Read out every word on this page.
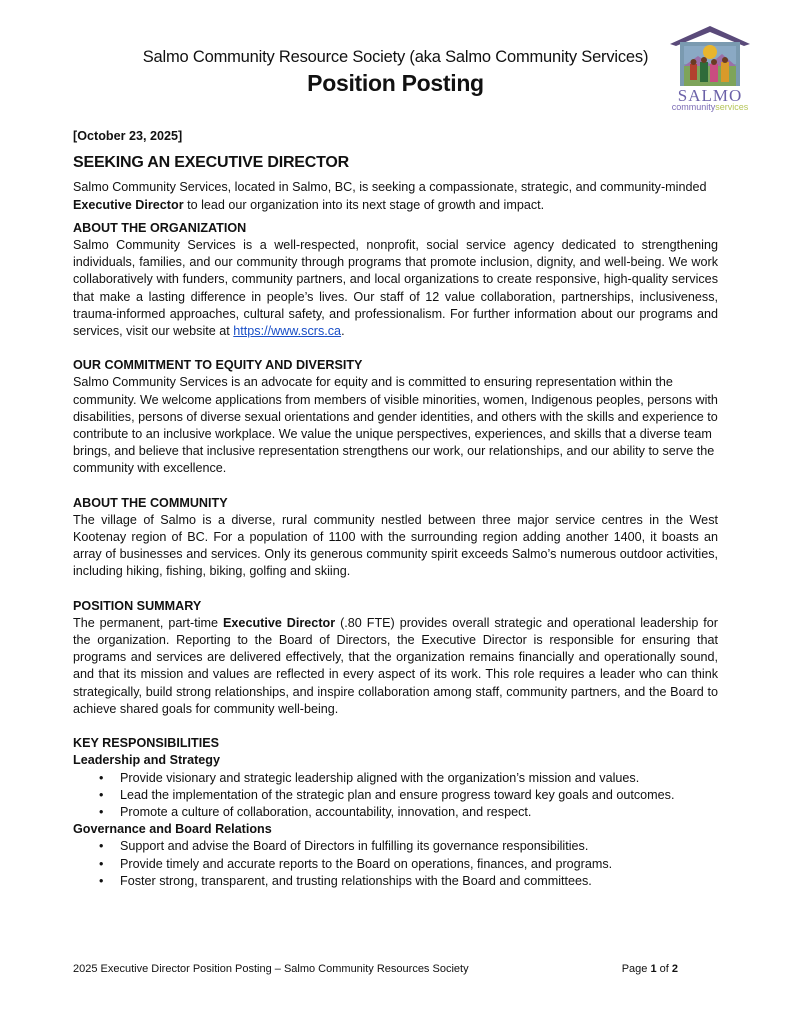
Salmo Community Resource Society (aka Salmo Community Services)
Position Posting	SALMO
communityservices

[October 23, 2025]

SEEKING AN EXECUTIVE DIRECTOR

Salmo Community Services, located in Salmo, BC, is seeking a compassionate, strategic, and community-minded Executive Director to lead our organization into its next stage of growth and impact.

ABOUT THE ORGANIZATION

Salmo Community Services is a well-respected, nonprofit, social service agency dedicated to strengthening individuals, families, and our community through programs that promote inclusion, dignity, and well-being. We work collaboratively with funders, community partners, and local organizations to create responsive, high-quality services that make a lasting difference in people’s lives. Our staff of 12 value collaboration, partnerships, inclusiveness, trauma-informed approaches, cultural safety, and professionalism. For further information about our programs and services, visit our website at https://www.scrs.ca.

OUR COMMITMENT TO EQUITY AND DIVERSITY

Salmo Community Services is an advocate for equity and is committed to ensuring representation within the community. We welcome applications from members of visible minorities, women, Indigenous peoples, persons with disabilities, persons of diverse sexual orientations and gender identities, and others with the skills and experience to contribute to an inclusive workplace. We value the unique perspectives, experiences, and skills that a diverse team brings, and believe that inclusive representation strengthens our work, our relationships, and our ability to serve the community with excellence.

ABOUT THE COMMUNITY

The village of Salmo is a diverse, rural community nestled between three major service centres in the West Kootenay region of BC. For a population of 1100 with the surrounding region adding another 1400, it boasts an array of businesses and services. Only its generous community spirit exceeds Salmo’s numerous outdoor activities, including hiking, fishing, biking, golfing and skiing.

POSITION SUMMARY

The permanent, part-time Executive Director (.80 FTE) provides overall strategic and operational leadership for the organization. Reporting to the Board of Directors, the Executive Director is responsible for ensuring that programs and services are delivered effectively, that the organization remains financially and operationally sound, and that its mission and values are reflected in every aspect of its work. This role requires a leader who can think strategically, build strong relationships, and inspire collaboration among staff, community partners, and the Board to achieve shared goals for community well-being.

KEY RESPONSIBILITIES

Leadership and Strategy

• Provide visionary and strategic leadership aligned with the organization’s mission and values.
• Lead the implementation of the strategic plan and ensure progress toward key goals and outcomes.
• Promote a culture of collaboration, accountability, innovation, and respect.

Governance and Board Relations

• Support and advise the Board of Directors in fulfilling its governance responsibilities.
• Provide timely and accurate reports to the Board on operations, finances, and programs.
• Foster strong, transparent, and trusting relationships with the Board and committees.
2025 Executive Director Position Posting – Salmo Community Resources Society	Page 1 of 2
